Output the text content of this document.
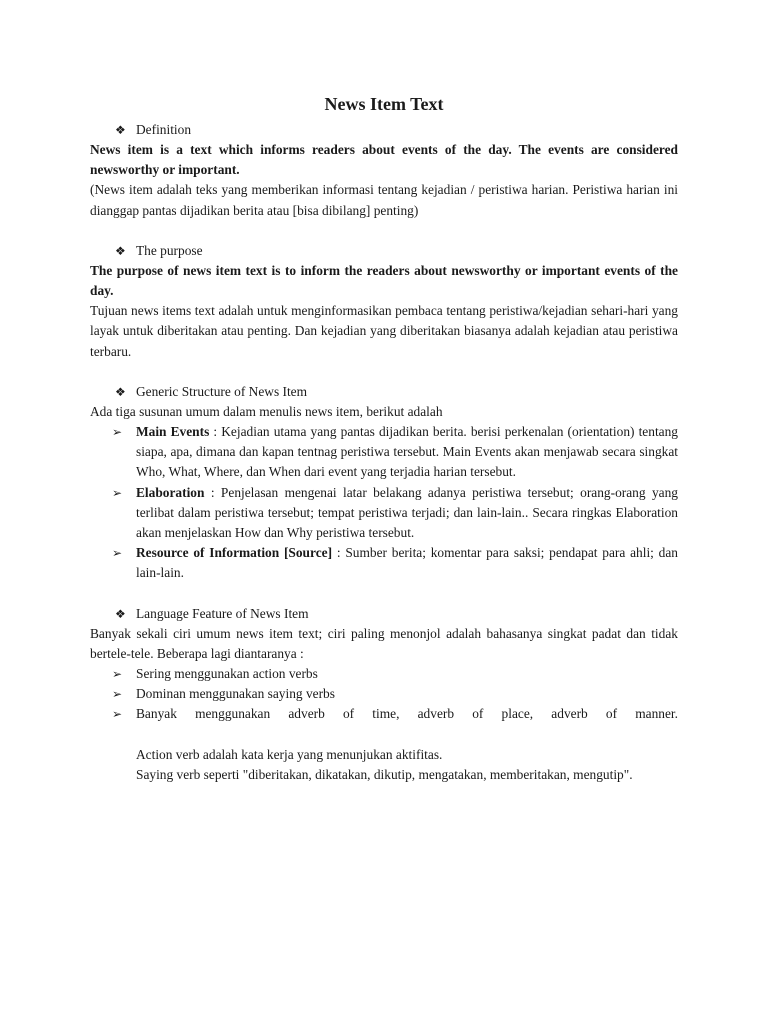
News Item Text
❖ Definition
News item is a text which informs readers about events of the day. The events are considered newsworthy or important.
(News item adalah teks yang memberikan informasi tentang kejadian / peristiwa harian. Peristiwa harian ini dianggap pantas dijadikan berita atau [bisa dibilang] penting)
❖ The purpose
The purpose of news item text is to inform the readers about newsworthy or important events of the day.
Tujuan news items text adalah untuk menginformasikan pembaca tentang peristiwa/kejadian sehari-hari yang layak untuk diberitakan atau penting. Dan kejadian yang diberitakan biasanya adalah kejadian atau peristiwa terbaru.
❖ Generic Structure of News Item
Ada tiga susunan umum dalam menulis news item, berikut adalah
➢ Main Events : Kejadian utama yang pantas dijadikan berita. berisi perkenalan (orientation) tentang siapa, apa, dimana dan kapan tentnag peristiwa tersebut. Main Events akan menjawab secara singkat Who, What, Where, dan When dari event yang terjadia harian tersebut.
➢ Elaboration : Penjelasan mengenai latar belakang adanya peristiwa tersebut; orang-orang yang terlibat dalam peristiwa tersebut; tempat peristiwa terjadi; dan lain-lain.. Secara ringkas Elaboration akan menjelaskan How dan Why peristiwa tersebut.
➢ Resource of Information [Source] : Sumber berita; komentar para saksi; pendapat para ahli; dan lain-lain.
❖ Language Feature of News Item
Banyak sekali ciri umum news item text; ciri paling menonjol adalah bahasanya singkat padat dan tidak bertele-tele. Beberapa lagi diantaranya :
➢ Sering menggunakan action verbs
➢ Dominan menggunakan saying verbs
➢ Banyak menggunakan adverb of time, adverb of place, adverb of manner.
Action verb adalah kata kerja yang menunjukan aktifitas.
Saying verb seperti "diberitakan, dikatakan, dikutip, mengatakan, memberitakan, mengutip".
